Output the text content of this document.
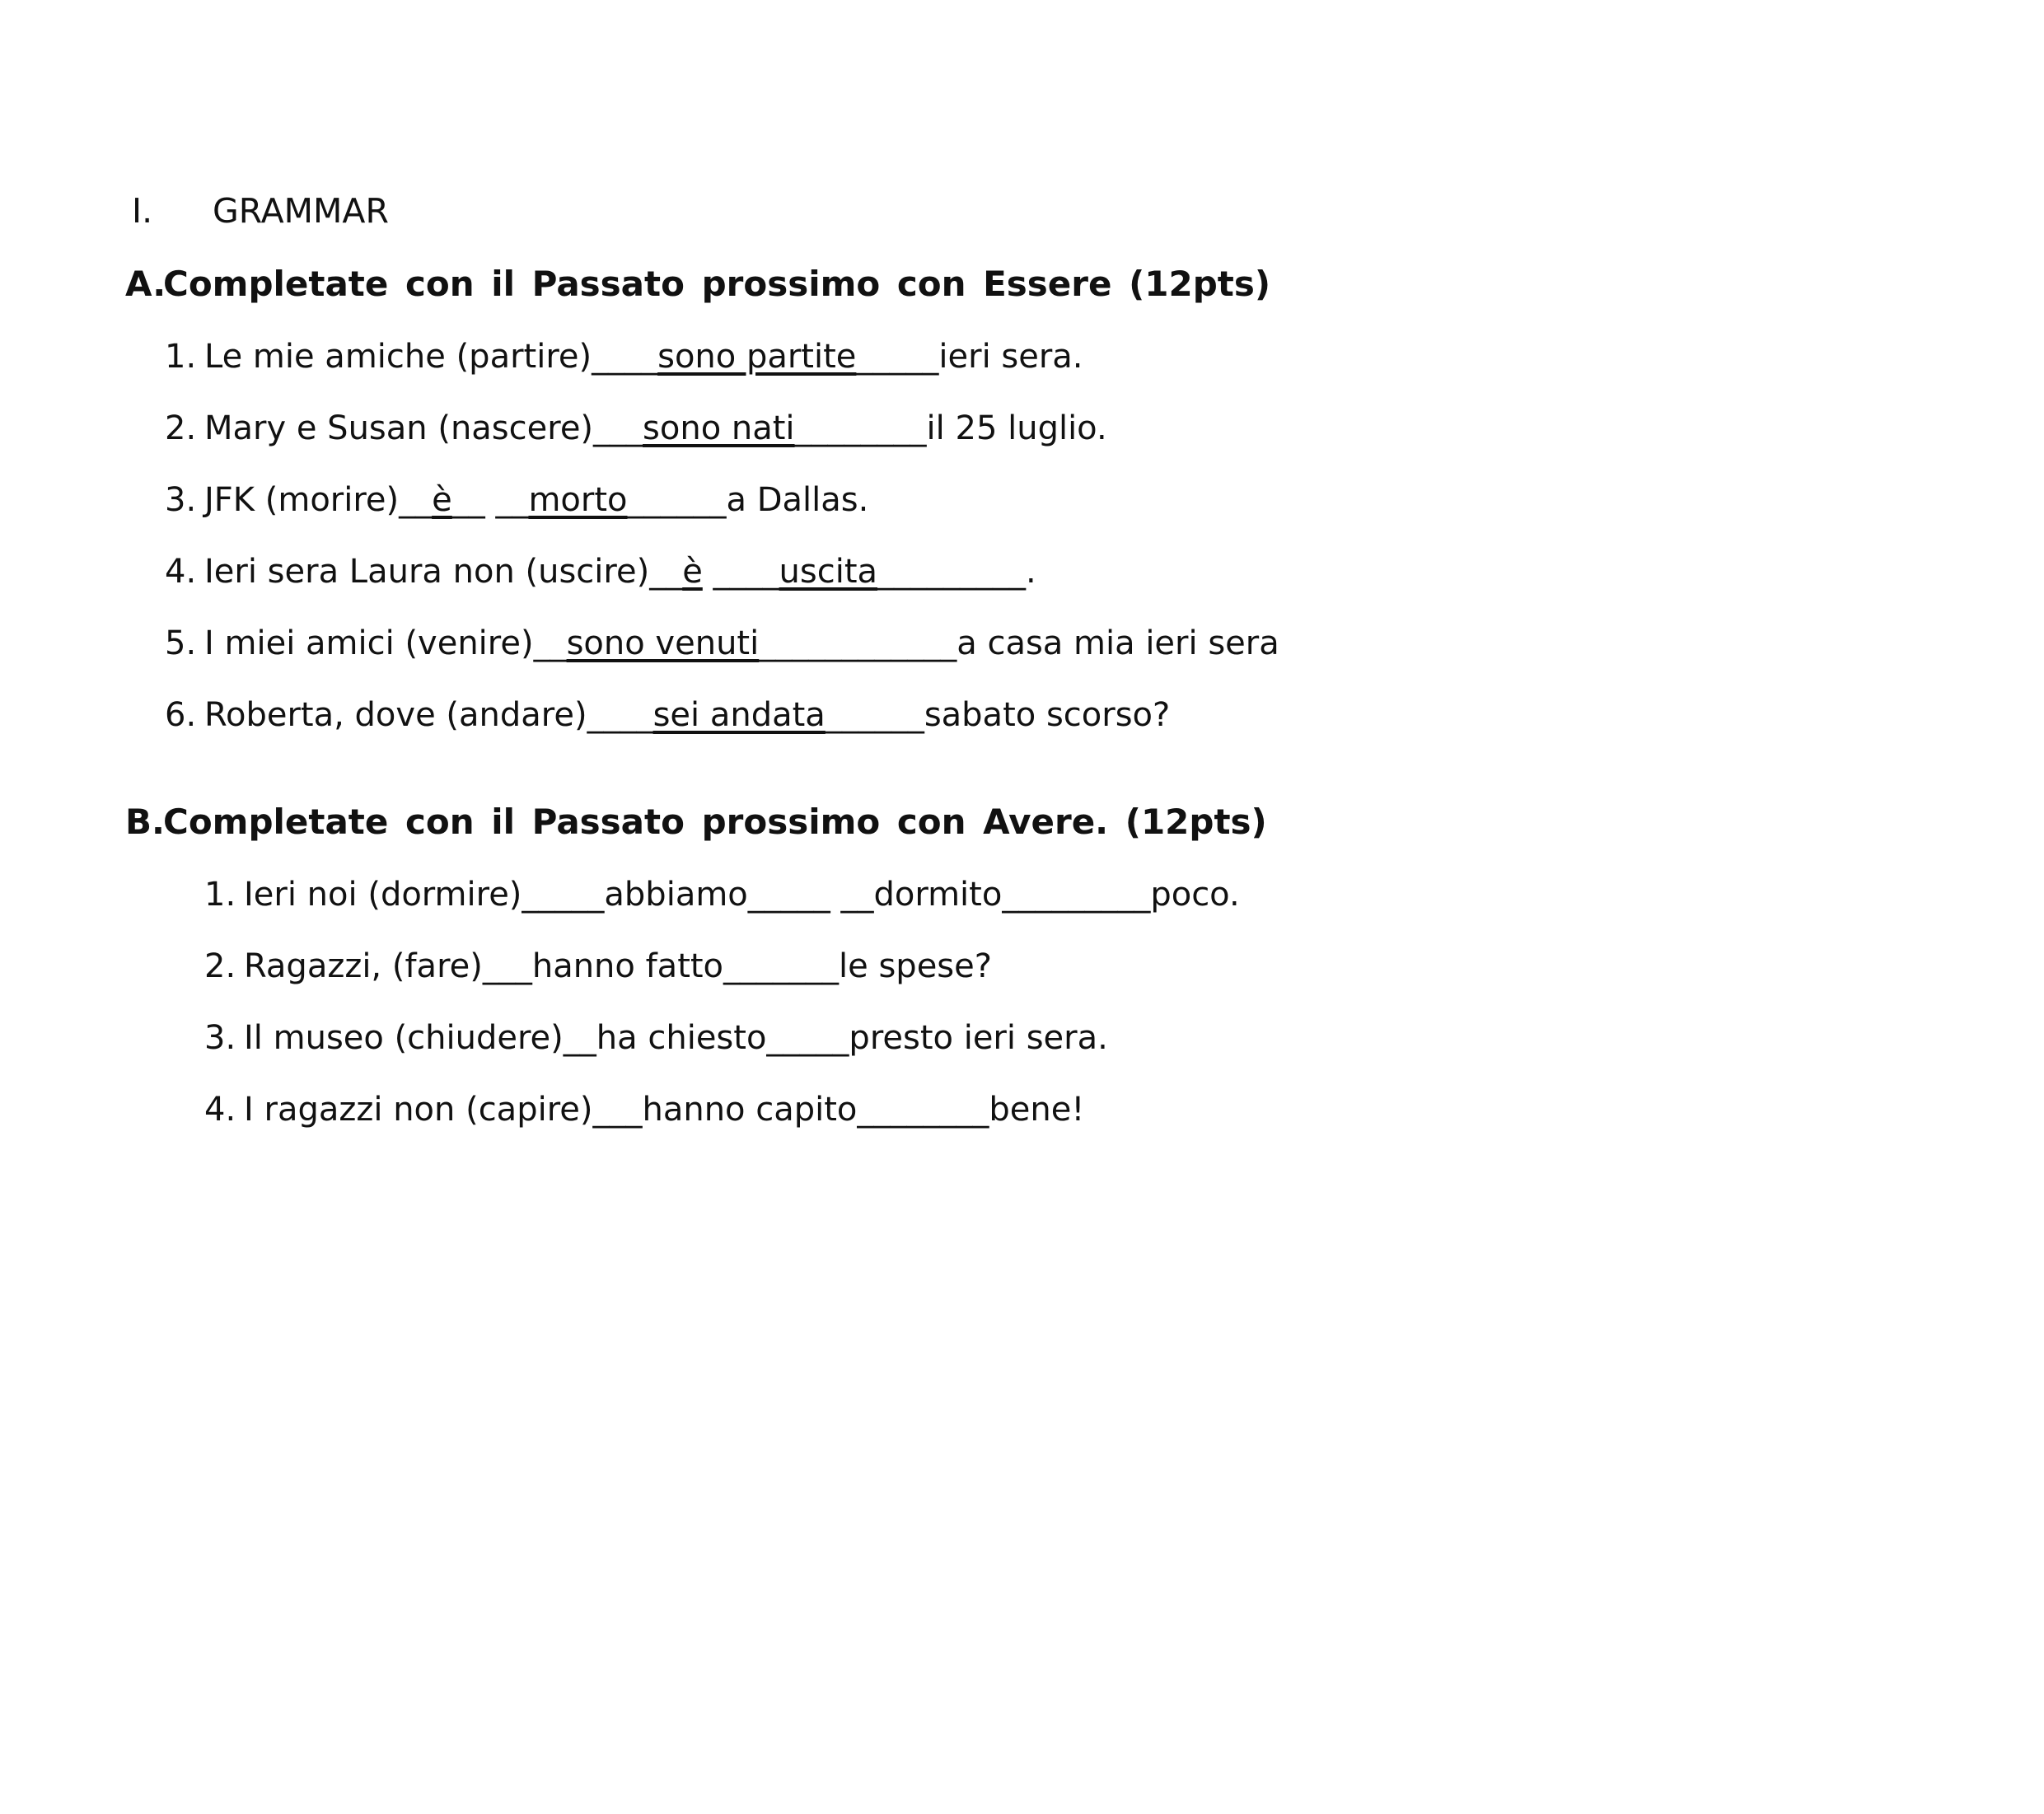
I. GRAMMAR
A.Completate con il Passato prossimo con Essere (12pts)
1. Le mie amiche (partire)____sono partite_____ieri sera.
2. Mary e Susan (nascere)___sono nati________il 25 luglio.
3. JFK (morire)__è__ __morto______a Dallas.
4. Ieri sera Laura non (uscire)__è ____uscita_________.
5. I miei amici (venire)__sono venuti____________a casa mia ieri sera
6. Roberta, dove (andare)____sei andata______sabato scorso?
B.Completate con il Passato prossimo con Avere. (12pts)
1. Ieri noi (dormire)_____abbiamo_____ __dormito_________poco.
2. Ragazzi, (fare)___hanno fatto_______le spese?
3. Il museo (chiudere)__ha chiesto_____presto ieri sera.
4. I ragazzi non (capire)___hanno capito________bene!
